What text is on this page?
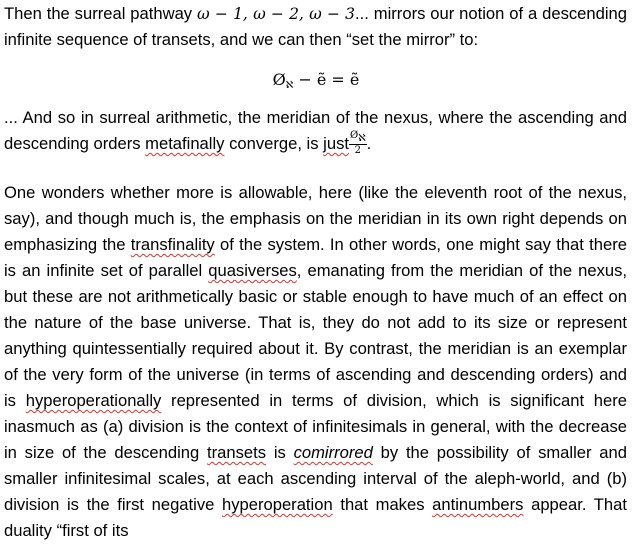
Then the surreal pathway ω − 1, ω − 2, ω − 3... mirrors our notion of a descending infinite sequence of transets, and we can then “set the mirror” to:

$Ø_ℵ$ − ẽ = ẽ

... And so in surreal arithmetic, the meridian of the nexus, where the ascending and descending orders metafinally converge, is just $\frac{Ø_ℵ}{2}$ .

One wonders whether more is allowable, here (like the eleventh root of the nexus, say), and though much is, the emphasis on the meridian in its own right depends on emphasizing the transfinality of the system. In other words, one might say that there is an infinite set of parallel quasiverses, emanating from the meridian of the nexus, but these are not arithmetically basic or stable enough to have much of an effect on the nature of the base universe. That is, they do not add to its size or represent anything quintessentially required about it. By contrast, the meridian is an exemplar of the very form of the universe (in terms of ascending and descending orders) and is hyperoperationally represented in terms of division, which is significant here inasmuch as (a) division is the context of infinitesimals in general, with the decrease in size of the descending transets is comirrored by the possibility of smaller and smaller infinitesimal scales, at each ascending interval of the aleph-world, and (b) division is the first negative hyperoperation that makes antinumbers appear. That duality “first of its
